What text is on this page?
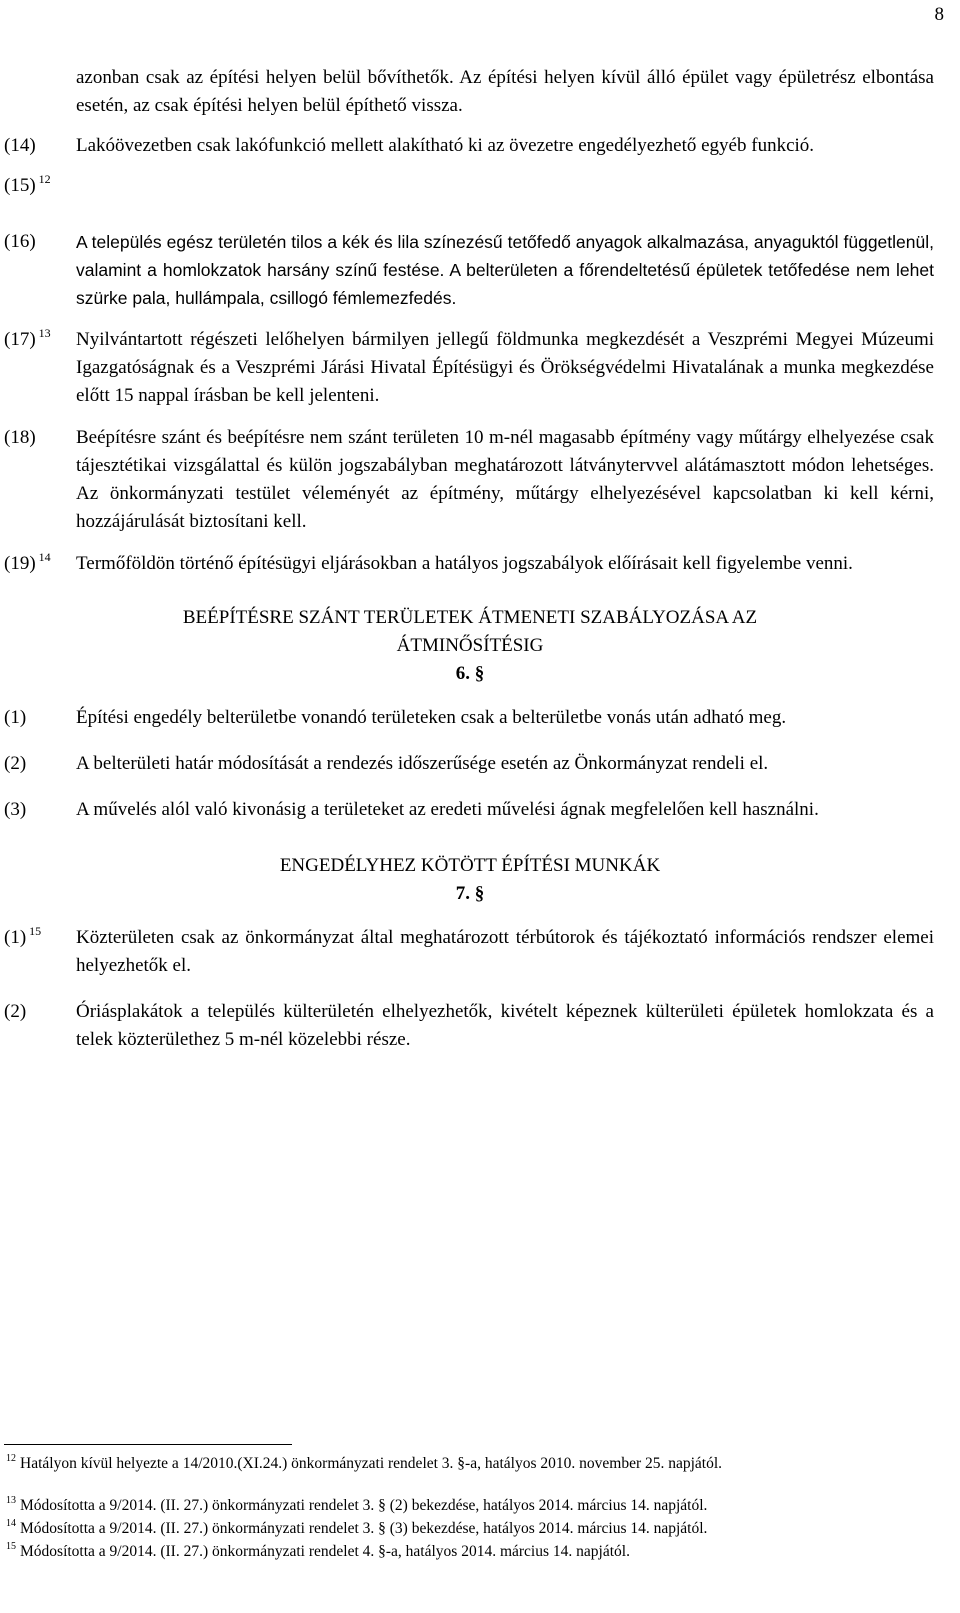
8
azonban csak az építési helyen belül bővíthetők. Az építési helyen kívül álló épület vagy épületrész elbontása esetén, az csak építési helyen belül építhető vissza.
(14) Lakóövezetben csak lakófunkció mellett alakítható ki az övezetre engedélyezhető egyéb funkció.
(15) $^{12}$
(16) A település egész területén tilos a kék és lila színezésű tetőfedő anyagok alkalmazása, anyaguktól függetlenül, valamint a homlokzatok harsány színű festése. A belterületen a főrendeltetésű épületek tetőfedése nem lehet szürke pala, hullámpala, csillogó fémlemezfedés.
(17) $^{13}$ Nyilvántartott régészeti lelőhelyen bármilyen jellegű földmunka megkezdését a Veszprémi Megyei Múzeumi Igazgatóságnak és a Veszprémi Járási Hivatal Építésügyi és Örökségvédelmi Hivatalának a munka megkezdése előtt 15 nappal írásban be kell jelenteni.
(18) Beépítésre szánt és beépítésre nem szánt területen 10 m-nél magasabb építmény vagy műtárgy elhelyezése csak tájesztétikai vizsgálattal és külön jogszabályban meghatározott látványtervvel alátámasztott módon lehetséges. Az önkormányzati testület véleményét az építmény, műtárgy elhelyezésével kapcsolatban ki kell kérni, hozzájárulását biztosítani kell.
(19) $^{14}$ Termőföldön történő építésügyi eljárásokban a hatályos jogszabályok előírásait kell figyelembe venni.
BEÉPÍTÉSRE SZÁNT TERÜLETEK ÁTMENETI SZABÁLYOZÁSA AZ
ÁTMINŐSÍTÉSIG
6. §
(1)	Építési engedély belterületbe vonandó területeken csak a belterületbe vonás után adható meg.
(2)	A belterületi határ módosítását a rendezés időszerűsége esetén az Önkormányzat rendeli el.
(3)	A művelés alól való kivonásig a területeket az eredeti művelési ágnak megfelelően kell használni.
ENGEDÉLYHEZ KÖTÖTT ÉPÍTÉSI MUNKÁK
7. §
(1) $^{15}$ Közterületen csak az önkormányzat által meghatározott térbútorok és tájékoztató információs rendszer elemei helyezhetők el.
(2)	Óriásplakátok a település külterületén elhelyezhetők, kivételt képeznek külterületi épületek homlokzata és a telek közterülethez 5 m-nél közelebbi része.
$^{12}$ Hatályon kívül helyezte a 14/2010.(XI.24.) önkormányzati rendelet 3. §-a, hatályos 2010. november 25. napjától.
$^{13}$ Módosította a 9/2014. (II. 27.) önkormányzati rendelet 3. § (2) bekezdése, hatályos 2014. március 14. napjától.
$^{14}$ Módosította a 9/2014. (II. 27.) önkormányzati rendelet 3. § (3) bekezdése, hatályos 2014. március 14. napjától.
$^{15}$ Módosította a 9/2014. (II. 27.) önkormányzati rendelet 4. §-a, hatályos 2014. március 14. napjától.
